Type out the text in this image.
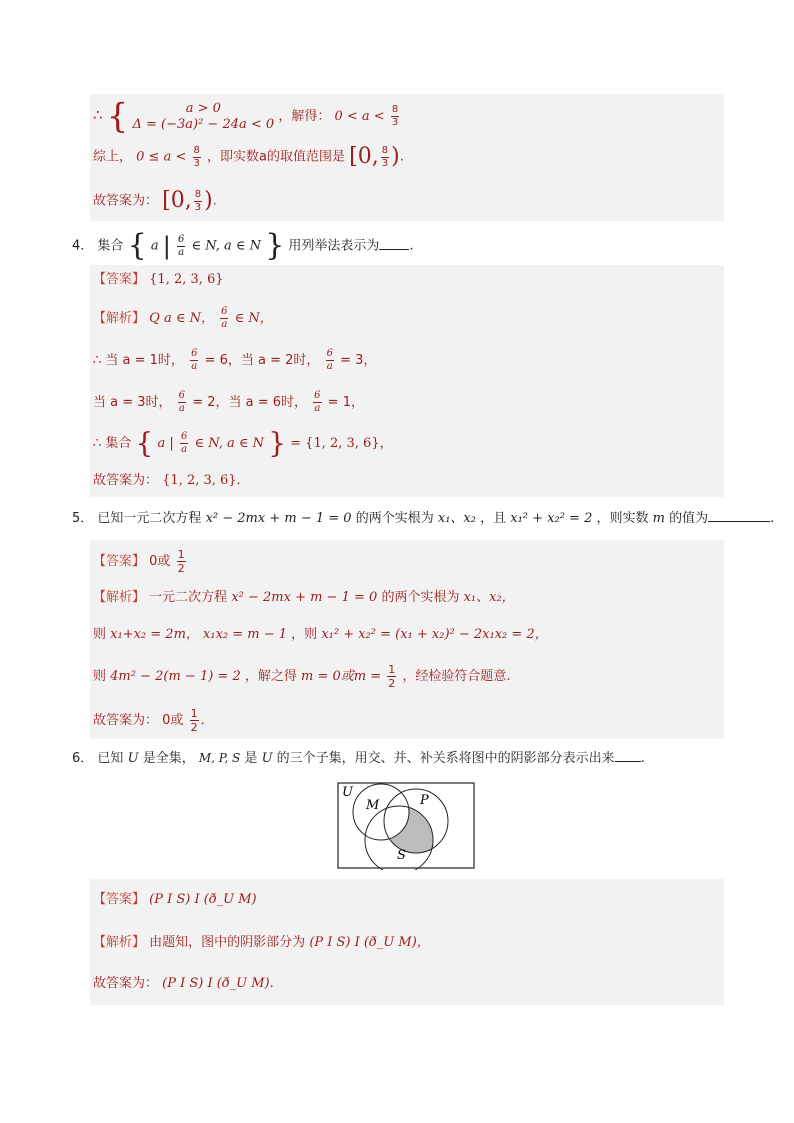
∴ {	a > 0
Δ = (−3a)² − 24a < 0 ，解得： $0 < a < \frac{8}{3}$
综上， $0 \le a < \frac{8}{3}$ ，即实数a的取值范围是 [0, $\frac{8}{3}$ ).
故答案为： [0, $\frac{8}{3}$ ).
4． 集合 { a | $\frac{6}{a}$ ∈ N, a ∈ N } 用列举法表示为 .
【答案】 {1, 2, 3, 6}
【解析】 Q a ∈ N， $\frac{6}{a}$ ∈ N，
∴ 当 a = 1时， $\frac{6}{a} = 6$，当 a = 2时， $\frac{6}{a} = 3$，
当 a = 3时， $\frac{6}{a} = 2$，当 a = 6时， $\frac{6}{a} = 1$，
∴ 集合 { a | $\frac{6}{a}$ ∈ N, a ∈ N } = {1, 2, 3, 6}，
故答案为： {1, 2, 3, 6}．
5． 已知一元二次方程 x² − 2mx + m − 1 = 0 的两个实根为 x₁、x₂ ，且 x₁² + x₂² = 2 ，则实数 m 的值为	.
【答案】 0或 $\frac{1}{2}$
【解析】 一元二次方程 x² − 2mx + m − 1 = 0 的两个实根为 x₁、x₂，
则 x₁+x₂ = 2m， x₁x₂ = m − 1 ，则 x₁² + x₂² = (x₁ + x₂)² − 2x₁x₂ = 2，
则 4m² − 2(m − 1) = 2 ，解之得 m = 0或$m = \frac{1}{2}$ ，经检验符合题意.
故答案为： 0或 $\frac{1}{2}$ ．
6． 已知 U 是全集， M, P, S 是 U 的三个子集，用交、并、补关系将图中的阴影部分表示出来 .
U
M	P
S
【答案】 (P I S) I (ð_U M)
【解析】 由题知，图中的阴影部分为 (P I S) I (ð_U M)，
故答案为： (P I S) I (ð_U M).
